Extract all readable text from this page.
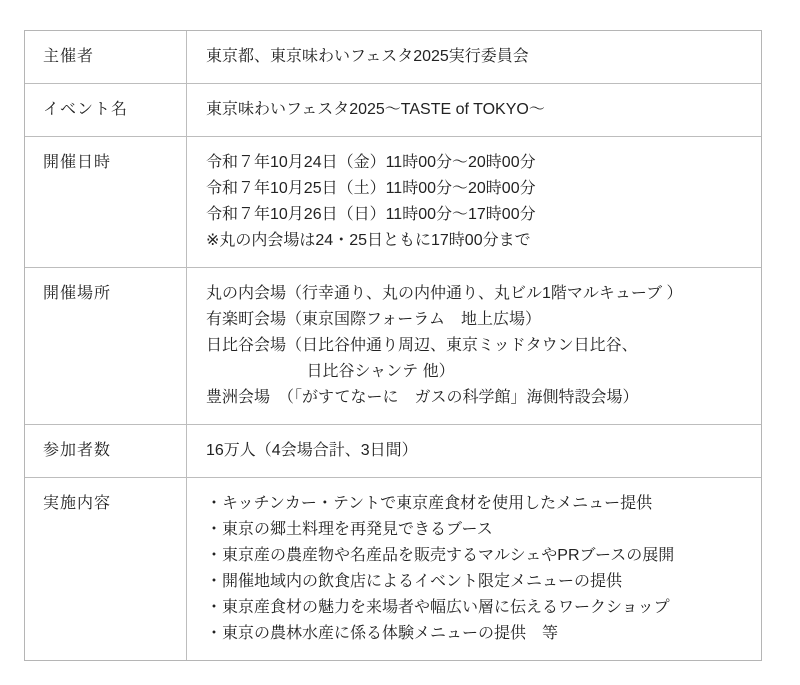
主催者	東京都、東京味わいフェスタ2025実行委員会
イベント名	東京味わいフェスタ2025～TASTE of TOKYO～
開催日時	令和７年10月24日（金）11時00分～20時00分
令和７年10月25日（土）11時00分～20時00分
令和７年10月26日（日）11時00分～17時00分
※丸の内会場は24・25日ともに17時00分まで
開催場所	丸の内会場（行幸通り、丸の内仲通り、丸ビル1階マルキューブ ）
有楽町会場（東京国際フォーラム　地上広場）
日比谷会場（日比谷仲通り周辺、東京ミッドタウン日比谷、
　　　　　　 日比谷シャンテ 他）
豊洲会場　（「がすてなーに　ガスの科学館」海側特設会場）
参加者数	16万人（4会場合計、3日間）
実施内容	・キッチンカー・テントで東京産食材を使用したメニュー提供
・東京の郷土料理を再発見できるブース
・東京産の農産物や名産品を販売するマルシェやPRブースの展開
・開催地域内の飲食店によるイベント限定メニューの提供
・東京産食材の魅力を来場者や幅広い層に伝えるワークショップ
・東京の農林水産に係る体験メニューの提供　等
